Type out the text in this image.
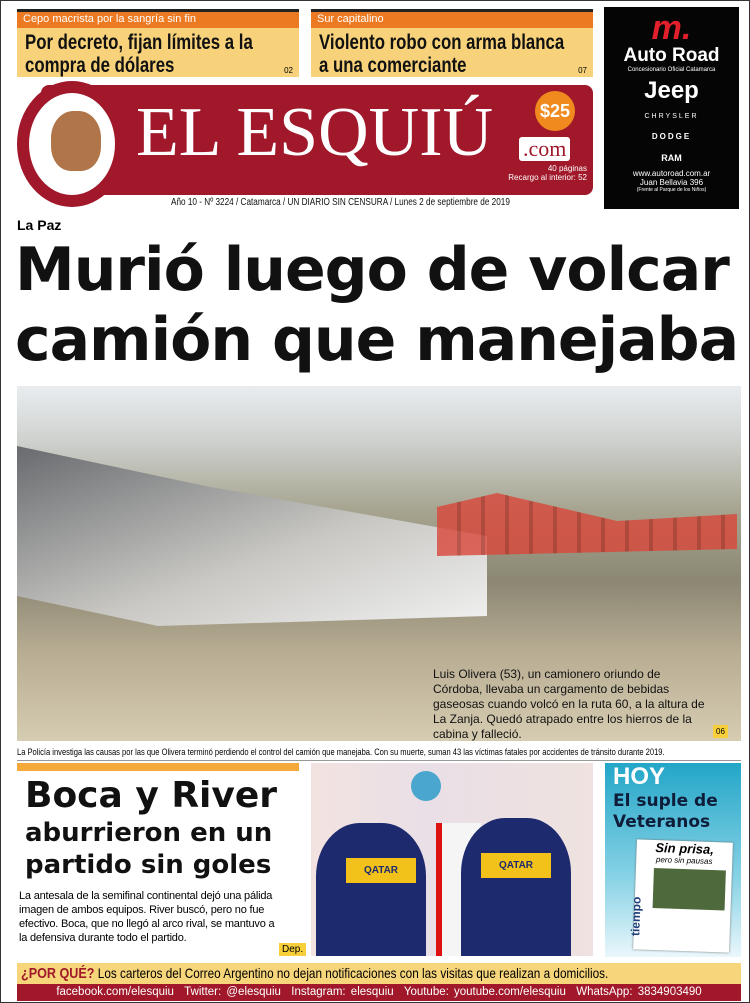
Cepo macrista por la sangría sin fin
Por decreto, fijan límites a la compra de dólares	02
Sur capitalino
Violento robo con arma blanca a una comerciante	07
m.
Auto Road
Concesionario Oficial Catamarca
Jeep
CHRYSLER
DODGE
RAM
www.autoroad.com.ar
Juan Bellavia 396
(Frente al Parque de los Niños)
EL ESQUIÚ	$25
.com
40 páginas
Recargo al interior: 52
Año 10 - Nº 3224 / Catamarca / UN DIARIO SIN CENSURA / Lunes 2 de septiembre de 2019
La Paz
Murió luego de volcar camión que manejaba
Luis Olivera (53), un camionero oriundo de Córdoba, llevaba un cargamento de bebidas gaseosas cuando volcó en la ruta 60, a la altura de La Zanja. Quedó atrapado entre los hierros de la cabina y falleció.	06
La Policía investiga las causas por las que Olivera terminó perdiendo el control del camión que manejaba. Con su muerte, suman 43 las víctimas fatales por accidentes de tránsito durante 2019.
Boca y River
aburrieron en un
partido sin goles
La antesala de la semifinal continental dejó una pálida imagen de ambos equipos. River buscó, pero no fue efectivo. Boca, que no llegó al arco rival, se mantuvo a la defensiva durante todo el partido.
Dep.
QATAR	QATAR
HOY
El suple de Veteranos
Sin prisa,
pero sin pausas
tiempo
¿POR QUÉ? Los carteros del Correo Argentino no dejan notificaciones con las visitas que realizan a domicilios.
facebook.com/elesquiu  Twitter: @elesquiu  Instagram: elesquiu  Youtube: youtube.com/elesquiu  WhatsApp: 3834903490
